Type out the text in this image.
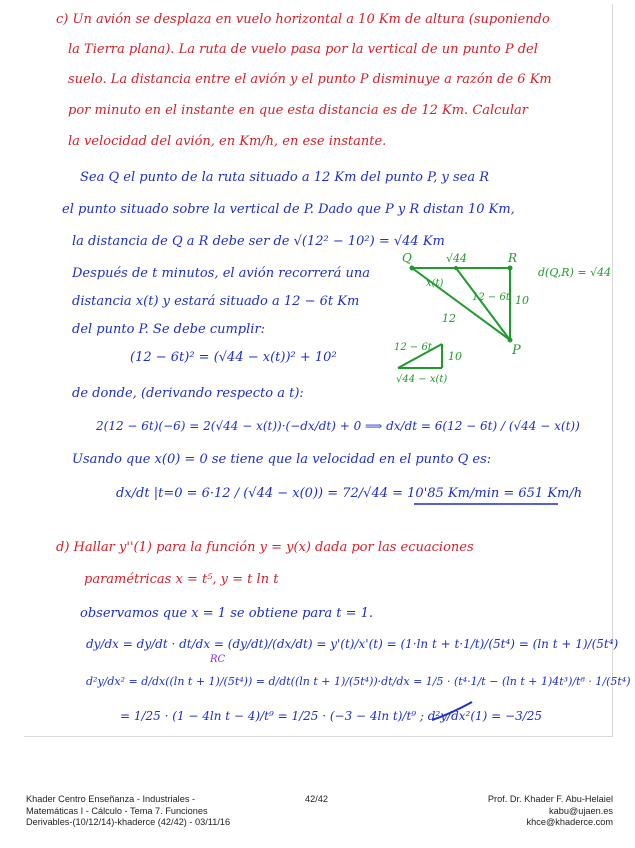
c) Un avión se desplaza en vuelo horizontal a 10 Km de altura (suponiendo
la Tierra plana). La ruta de vuelo pasa por la vertical de un punto P del
suelo. La distancia entre el avión y el punto P disminuye a razón de 6 Km
por minuto en el instante en que esta distancia es de 12 Km. Calcular
la velocidad del avión, en Km/h, en ese instante.
Sea Q el punto de la ruta situado a 12 Km del punto P, y sea R
el punto situado sobre la vertical de P. Dado que P y R distan 10 Km,
la distancia de Q a R debe ser de √(12² − 10²) = √44 Km
Después de t minutos, el avión recorrerá una
distancia x(t) y estará situado a 12 − 6t Km
del punto P. Se debe cumplir:
(12 − 6t)² = (√44 − x(t))² + 10²
de donde, (derivando respecto a t):
2(12 − 6t)(−6) = 2(√44 − x(t))·(−dx/dt) + 0 ⟹ dx/dt = 6(12 − 6t) / (√44 − x(t))
Usando que x(0) = 0 se tiene que la velocidad en el punto Q es:
dx/dt |t=0 = 6·12 / (√44 − x(0)) = 72/√44 = 10'85 Km/min = 651 Km/h
Q	√44	R
x(t)
12 − 6t 10
12
P
d(Q,R) = √44
12 − 6t
10
√44 − x(t)
d) Hallar y''(1) para la función y = y(x) dada por las ecuaciones
paramétricas x = t⁵, y = t ln t
observamos que x = 1 se obtiene para t = 1.
dy/dx = dy/dt · dt/dx = (dy/dt)/(dx/dt) = y'(t)/x'(t) = (1·ln t + t·1/t)/(5t⁴) = (ln t + 1)/(5t⁴)
d²y/dx² = d/dx((ln t + 1)/(5t⁴)) = d/dt((ln t + 1)/(5t⁴))·dt/dx = 1/5 · (t⁴·1/t − (ln t + 1)4t³)/t⁸ · 1/(5t⁴)
= 1/25 · (1 − 4ln t − 4)/t⁹ = 1/25 · (−3 − 4ln t)/t⁹ ; d²y/dx²(1) = −3/25
RC
Khader Centro Enseñanza - Industriales -
Matemáticas I - Cálculo - Tema 7. Funciones
Derivables-(10/12/14)-khaderce (42/42) - 03/11/16
42/42	Prof. Dr. Khader F. Abu-Helaiel
kabu@ujaen.es
khce@khaderce.com
